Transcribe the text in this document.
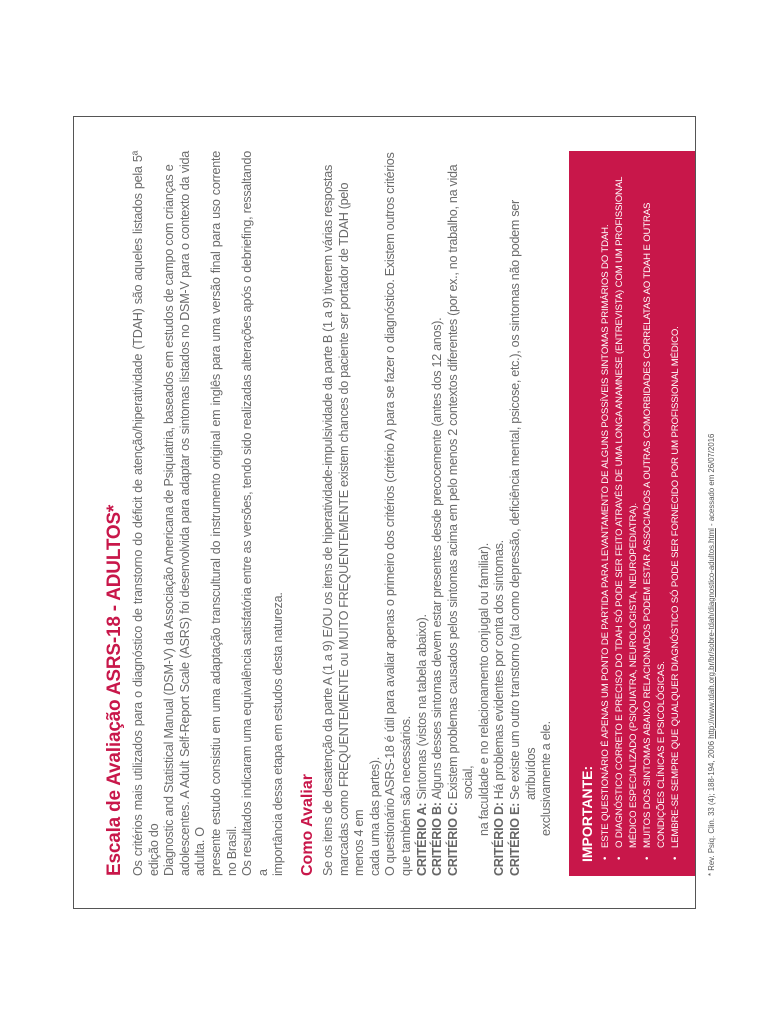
Escala de Avaliação ASRS-18 - ADULTOS* Os critérios mais utilizados para o diagnóstico de transtorno do déficit de atenção/hiperatividade (TDAH) são aqueles listados pela 5ª edição do Diagnostic and Statistical Manual (DSM-V) da Associação Americana de Psiquiatria, baseados em estudos de campo com crianças e adolescentes. A Adult Self-Report Scale (ASRS) foi desenvolvida para adaptar os sintomas listados no DSM-V para o contexto da vida adulta. O presente estudo consistiu em uma adaptação transcultural do instrumento original em inglês para uma versão final para uso corrente no Brasil. Os resultados indicaram uma equivalência satisfatória entre as versões, tendo sido realizadas alterações após o debriefing, ressaltando a importância dessa etapa em estudos desta natureza. Como Avaliar Se os itens de desatenção da parte A (1 a 9) E/OU os itens de hiperatividade-impulsividade da parte B (1 a 9) tiverem várias respostas marcadas como FREQUENTEMENTE ou MUITO FREQUENTEMENTE existem chances do paciente ser portador de TDAH (pelo menos 4 em cada uma das partes). O questionário ASRS-18 é útil para avaliar apenas o primeiro dos critérios (critério A) para se fazer o diagnóstico. Existem outros critérios que também são necessários. CRITÉRIO A:
Sintomas (vistos na tabela abaixo).
CRITÉRIO B:
Alguns desses sintomas devem estar presentes desde precocemente (antes dos 12 anos).
CRITÉRIO C:
Existem problemas causados pelos sintomas acima em pelo menos 2 contextos diferentes (por ex., no trabalho, na vida social, na faculdade e no relacionamento conjugal ou familiar).
CRITÉRIO D:
Há problemas evidentes por conta dos sintomas.
CRITÉRIO E:
Se existe um outro transtorno (tal como depressão, deficiência mental, psicose, etc.), os sintomas não podem ser atribuídos exclusivamente a ele. IMPORTANTE: •
ESTE QUESTIONÁRIO É APENAS UM PONTO DE PARTIDA PARA LEVANTAMENTO DE ALGUNS POSSÍVEIS SINTOMAS PRIMÁRIOS DO TDAH.
•
O DIAGNÓSTICO CORRETO E PRECISO DO TDAH SÓ PODE SER FEITO ATRAVÉS DE UMA LONGA ANAMNESE (ENTREVISTA) COM UM PROFISSIONAL MÉDICO ESPECIALIZADO (PSIQUIATRA, NEUROLOGISTA, NEUROPEDIATRA).
•
MUITOS DOS SINTOMAS ABAIXO RELACIONADOS PODEM ESTAR ASSOCIADOS A OUTRAS COMORBIDADES CORRELATAS AO TDAH E OUTRAS CONDIÇÕES CLÍNICAS E PSICOLÓGICAS.
•
LEMBRE-SE SEMPRE QUE QUALQUER DIAGNÓSTICO SÓ PODE SER FORNECIDO POR UM PROFISSIONAL MÉDICO.	* Rev. Psiq. Clin. 33 (4); 188-194, 2006 http://www.tdah.org.br/br/sobre-tdah/diagnostico-adultos.html - acessado em 26/07/2016
